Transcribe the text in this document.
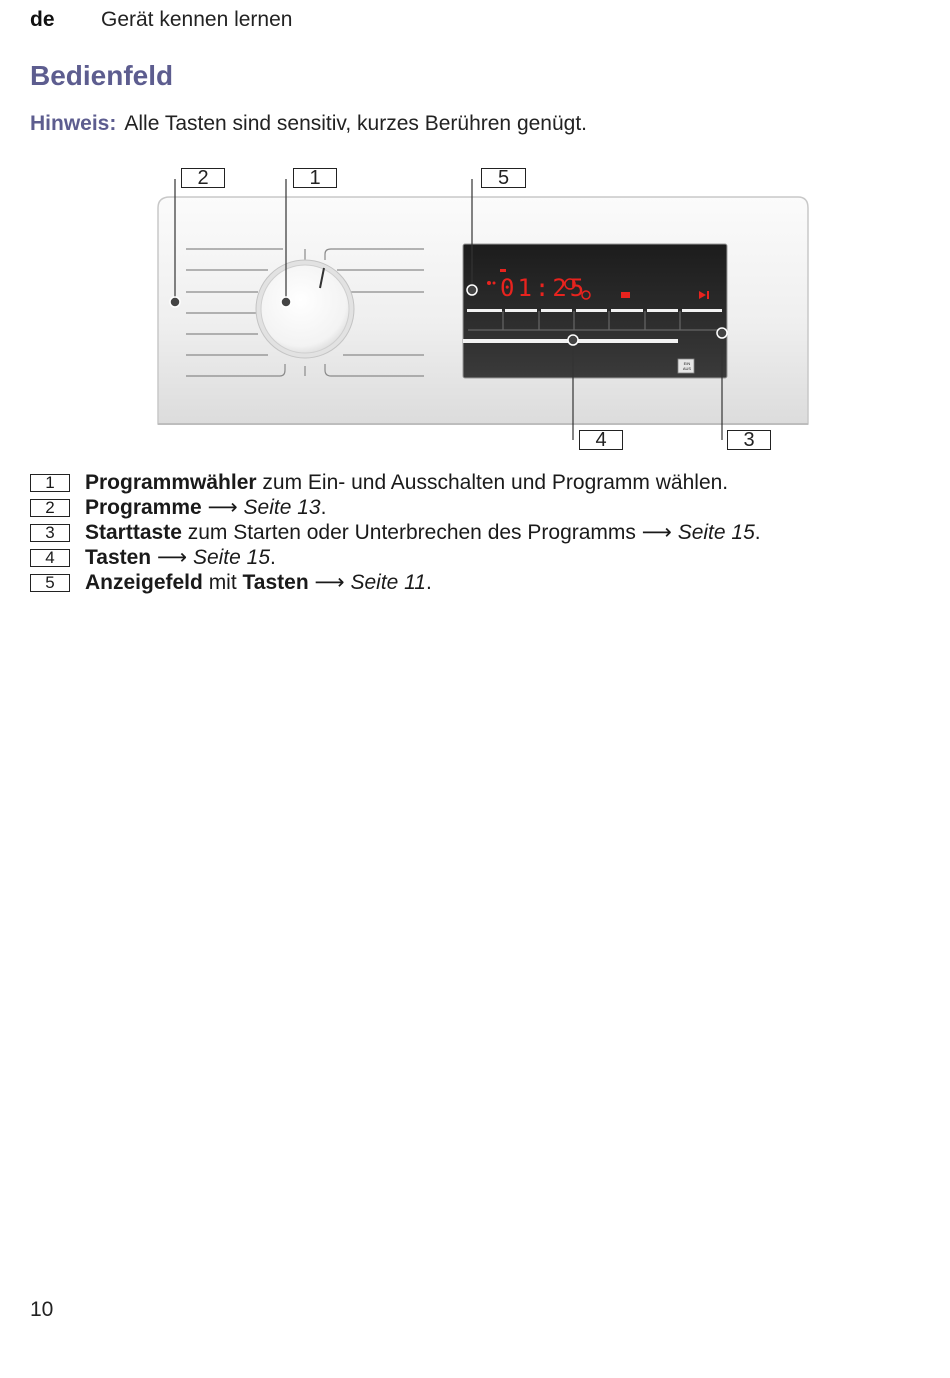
de Gerät kennen lernen
Bedienfeld
Hinweis: Alle Tasten sind sensitiv, kurzes Berühren genügt.
01:25
EIN
AUS
2	1	5
4	3
1	Programmwähler zum Ein- und Ausschalten und Programm wählen.
2	Programme ⟶ Seite 13.
3	Starttaste zum Starten oder Unterbrechen des Programms ⟶ Seite 15.
4	Tasten ⟶ Seite 15.
5	Anzeigefeld mit Tasten ⟶ Seite 11.
10
